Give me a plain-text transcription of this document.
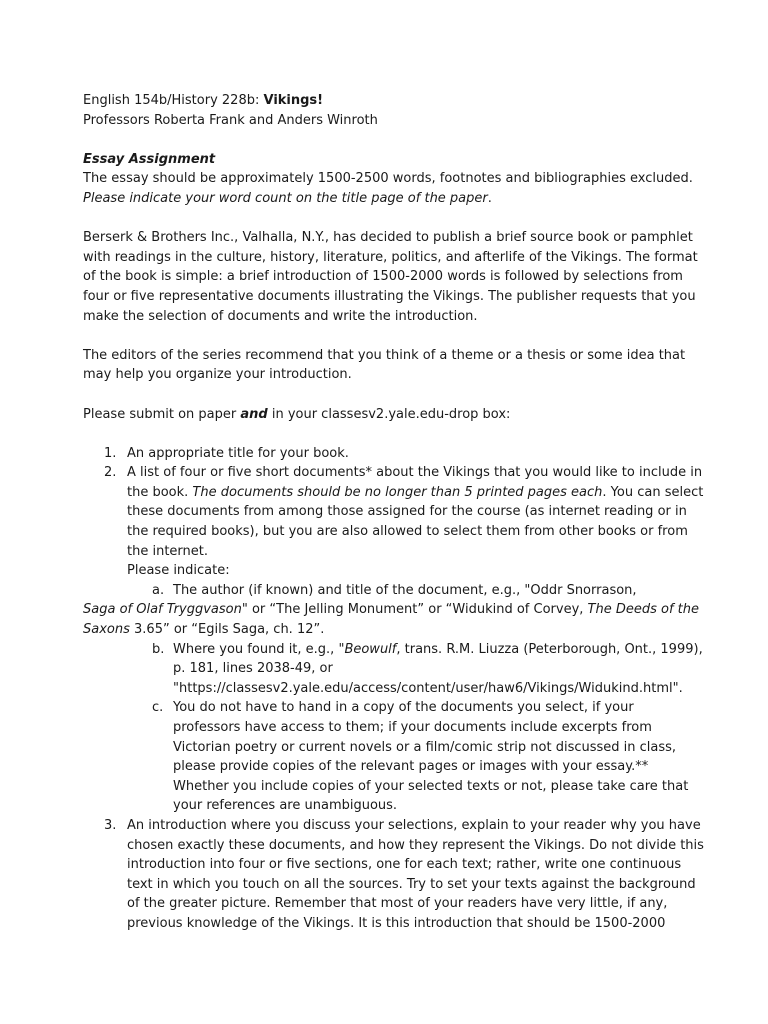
English 154b/History 228b: Vikings!
Professors Roberta Frank and Anders Winroth
Essay Assignment
The essay should be approximately 1500-2500 words, footnotes and bibliographies excluded.
Please indicate your word count on the title page of the paper.
Berserk & Brothers Inc., Valhalla, N.Y., has decided to publish a brief source book or pamphlet
with readings in the culture, history, literature, politics, and afterlife of the Vikings. The format
of the book is simple: a brief introduction of 1500-2000 words is followed by selections from
four or five representative documents illustrating the Vikings. The publisher requests that you
make the selection of documents and write the introduction.
The editors of the series recommend that you think of a theme or a thesis or some idea that
may help you organize your introduction.
Please submit on paper and in your classesv2.yale.edu-drop box:
1. An appropriate title for your book.
2. A list of four or five short documents* about the Vikings that you would like to include in
the book. The documents should be no longer than 5 printed pages each. You can select
these documents from among those assigned for the course (as internet reading or in
the required books), but you are also allowed to select them from other books or from
the internet.
Please indicate:
a. The author (if known) and title of the document, e.g., "Oddr Snorrason,
Saga of Olaf Tryggvason" or “The Jelling Monument” or “Widukind of Corvey, The Deeds of the
Saxons 3.65” or “Egils Saga, ch. 12”.
b. Where you found it, e.g., "Beowulf, trans. R.M. Liuzza (Peterborough, Ont., 1999),
p. 181, lines 2038-49, or
"https://classesv2.yale.edu/access/content/user/haw6/Vikings/Widukind.html".
c. You do not have to hand in a copy of the documents you select, if your
professors have access to them; if your documents include excerpts from
Victorian poetry or current novels or a film/comic strip not discussed in class,
please provide copies of the relevant pages or images with your essay.**
Whether you include copies of your selected texts or not, please take care that
your references are unambiguous.
3. An introduction where you discuss your selections, explain to your reader why you have
chosen exactly these documents, and how they represent the Vikings. Do not divide this
introduction into four or five sections, one for each text; rather, write one continuous
text in which you touch on all the sources. Try to set your texts against the background
of the greater picture. Remember that most of your readers have very little, if any,
previous knowledge of the Vikings. It is this introduction that should be 1500-2000
